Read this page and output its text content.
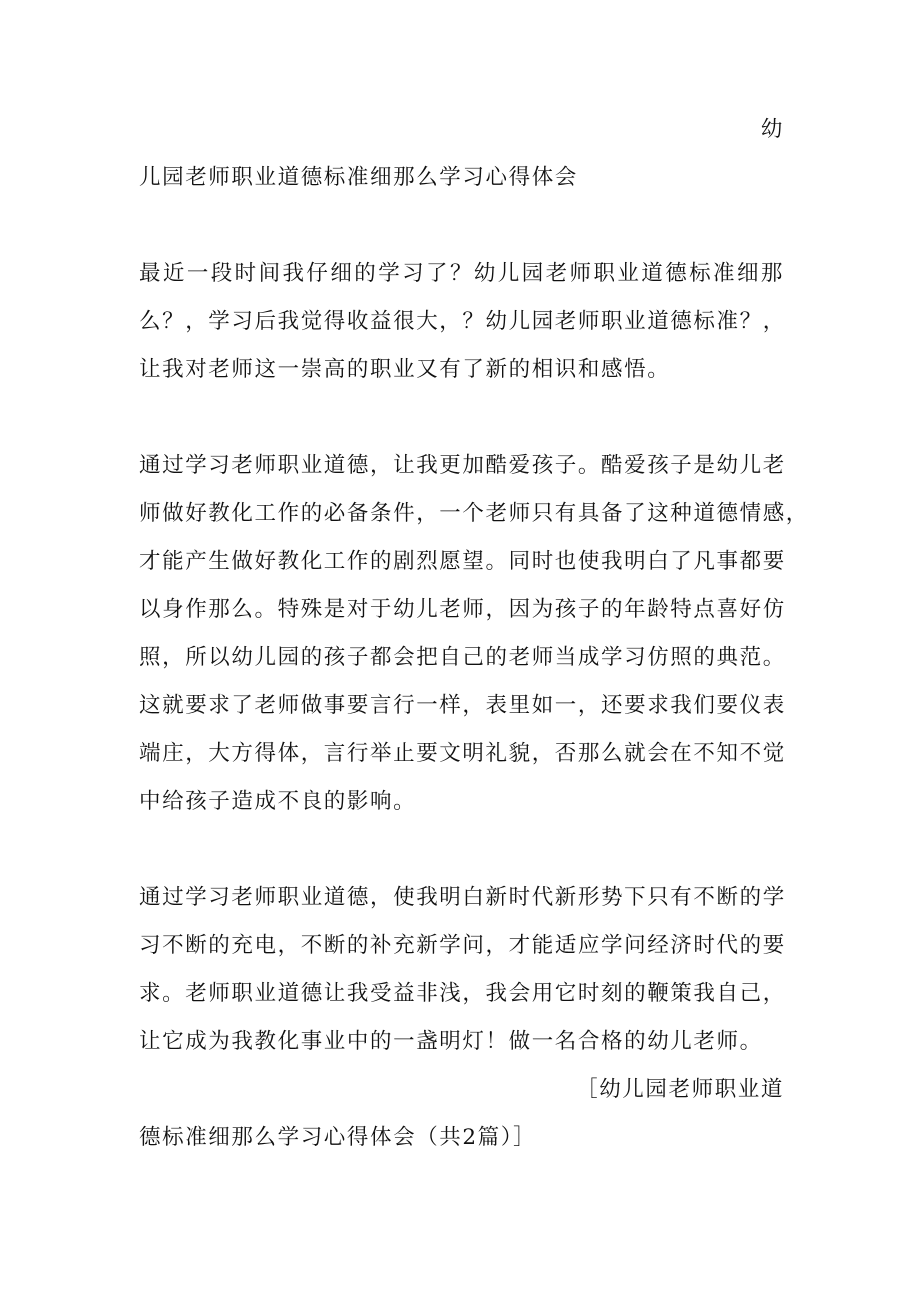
幼
儿园老师职业道德标准细那么学习心得体会
最近一段时间我仔细的学习了？幼儿园老师职业道德标准细那
么？，学习后我觉得收益很大，？幼儿园老师职业道德标准？，
让我对老师这一崇高的职业又有了新的相识和感悟。
通过学习老师职业道德，让我更加酷爱孩子。酷爱孩子是幼儿老
师做好教化工作的必备条件，一个老师只有具备了这种道德情感，
才能产生做好教化工作的剧烈愿望。同时也使我明白了凡事都要
以身作那么。特殊是对于幼儿老师，因为孩子的年龄特点喜好仿
照，所以幼儿园的孩子都会把自己的老师当成学习仿照的典范。
这就要求了老师做事要言行一样，表里如一，还要求我们要仪表
端庄，大方得体，言行举止要文明礼貌，否那么就会在不知不觉
中给孩子造成不良的影响。
通过学习老师职业道德，使我明白新时代新形势下只有不断的学
习不断的充电，不断的补充新学问，才能适应学问经济时代的要
求。老师职业道德让我受益非浅，我会用它时刻的鞭策我自己，
让它成为我教化事业中的一盏明灯！做一名合格的幼儿老师。
［幼儿园老师职业道
德标准细那么学习心得体会（共2篇）］
